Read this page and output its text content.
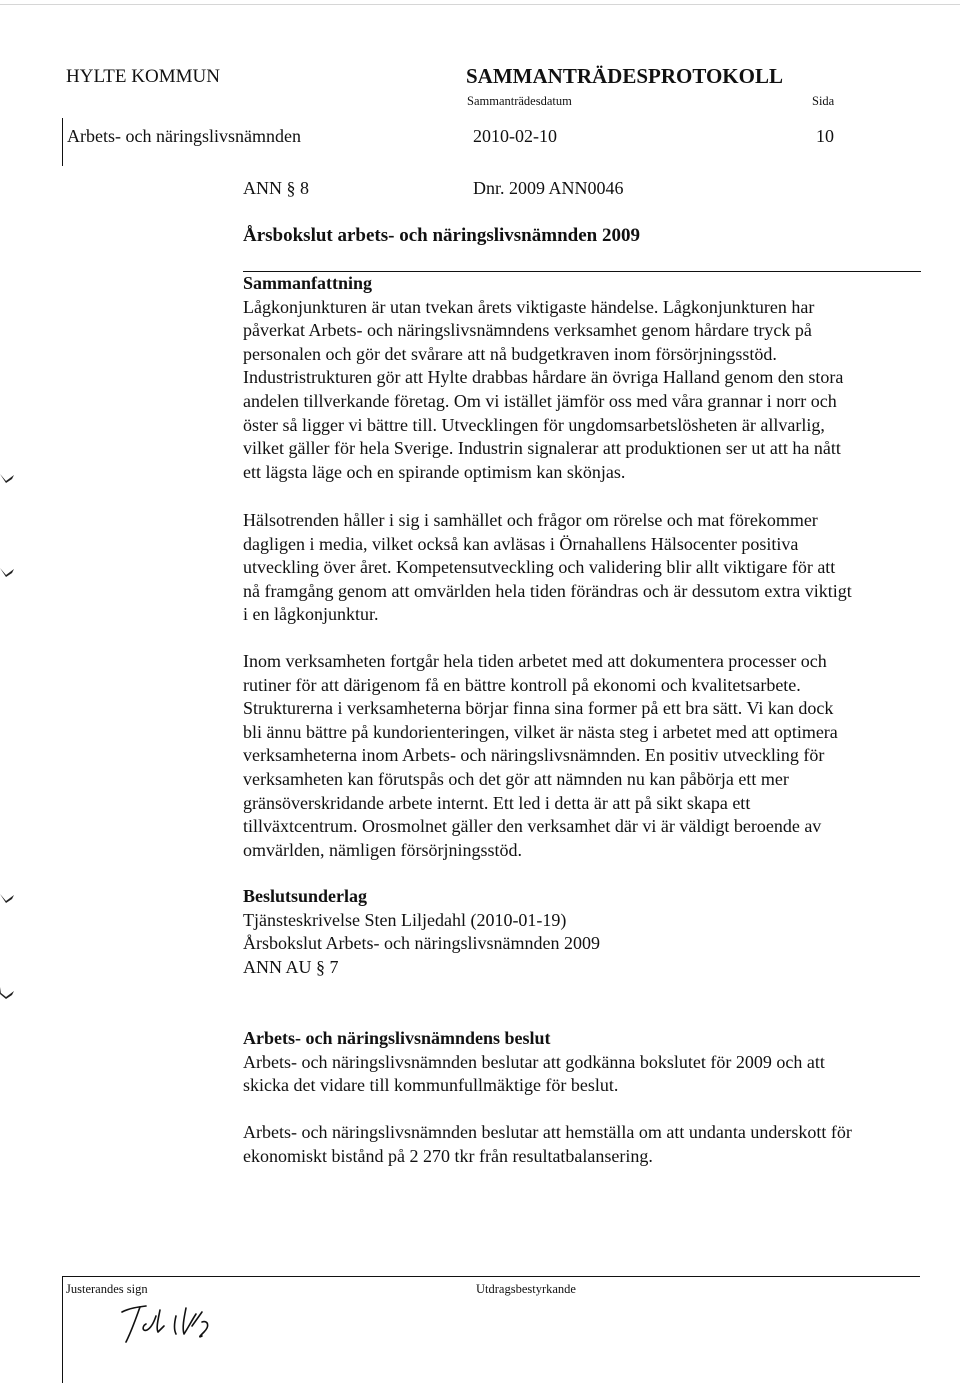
HYLTE KOMMUN	SAMMANTRÄDESPROTOKOLL
Sammanträdesdatum	Sida
Arbets- och näringslivsnämnden	2010-02-10	10
ANN § 8	Dnr. 2009 ANN0046
Årsbokslut arbets- och näringslivsnämnden 2009
Sammanfattning
Lågkonjunkturen är utan tvekan årets viktigaste händelse. Lågkonjunkturen har
påverkat Arbets- och näringslivsnämndens verksamhet genom hårdare tryck på
personalen och gör det svårare att nå budgetkraven inom försörjningsstöd.
Industristrukturen gör att Hylte drabbas hårdare än övriga Halland genom den stora
andelen tillverkande företag. Om vi istället jämför oss med våra grannar i norr och
öster så ligger vi bättre till. Utvecklingen för ungdomsarbetslösheten är allvarlig,
vilket gäller för hela Sverige. Industrin signalerar att produktionen ser ut att ha nått
ett lägsta läge och en spirande optimism kan skönjas.
Hälsotrenden håller i sig i samhället och frågor om rörelse och mat förekommer
dagligen i media, vilket också kan avläsas i Örnahallens Hälsocenter positiva
utveckling över året. Kompetensutveckling och validering blir allt viktigare för att
nå framgång genom att omvärlden hela tiden förändras och är dessutom extra viktigt
i en lågkonjunktur.
Inom verksamheten fortgår hela tiden arbetet med att dokumentera processer och
rutiner för att därigenom få en bättre kontroll på ekonomi och kvalitetsarbete.
Strukturerna i verksamheterna börjar finna sina former på ett bra sätt. Vi kan dock
bli ännu bättre på kundorienteringen, vilket är nästa steg i arbetet med att optimera
verksamheterna inom Arbets- och näringslivsnämnden. En positiv utveckling för
verksamheten kan förutspås och det gör att nämnden nu kan påbörja ett mer
gränsöverskridande arbete internt. Ett led i detta är att på sikt skapa ett
tillväxtcentrum. Orosmolnet gäller den verksamhet där vi är väldigt beroende av
omvärlden, nämligen försörjningsstöd.
Beslutsunderlag
Tjänsteskrivelse Sten Liljedahl (2010-01-19)
Årsbokslut Arbets- och näringslivsnämnden 2009
ANN AU § 7
Arbets- och näringslivsnämndens beslut
Arbets- och näringslivsnämnden beslutar att godkänna bokslutet för 2009 och att
skicka det vidare till kommunfullmäktige för beslut.
Arbets- och näringslivsnämnden beslutar att hemställa om att undanta underskott för
ekonomiskt bistånd på 2 270 tkr från resultatbalansering.
Justerandes sign	Utdragsbestyrkande
